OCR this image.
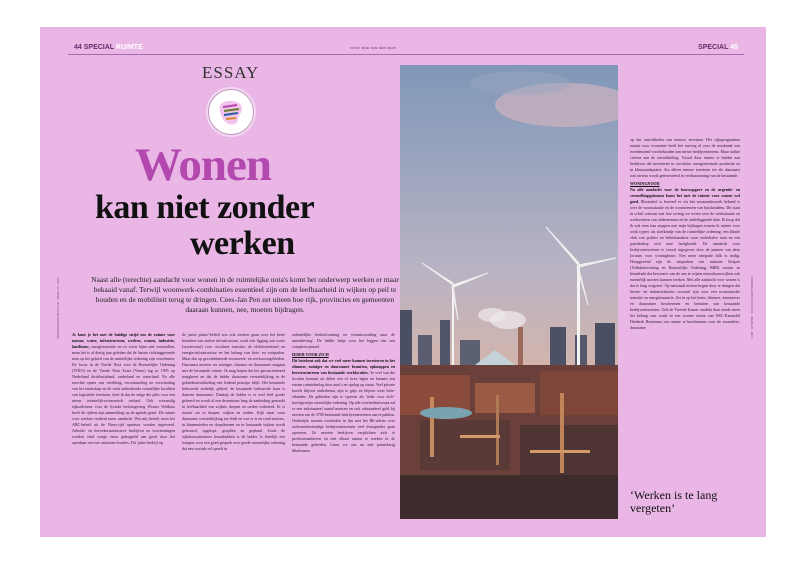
44 SPECIAL RUIMTE	FOTO: ROB VAN DER ZEEP	SPECIAL 45
BINNENLANDS BESTUUR · WEEK 26 · 2023	BINNENLANDS BESTUUR · WEEK 26 · 2023
ESSAY
Wonen
kan niet zonder
werken
Naast alle (terechte) aandacht voor wonen in de ruimtelijke nota's komt het onderwerp werken er maar bekaaid vanaf. Terwijl woonwerk-combinaties essentieel zijn om de leefbaarheid in wijken op peil te houden en de mobiliteit terug te dringen. Cees-Jan Pen zet uiteen hoe rijk, provincies en gemeenten daaraan kunnen, nee, moeten bijdragen.
Je kunt je het met de huidige strijd om de ruimte voor natuur, water, infrastructuur, werken, wonen, industrie, landbouw, energietransitie en zo voort bijna niet voorstellen, maar het is al dertig jaar geleden dat de laatste richtinggevende nota op het gebied van de ruimtelijke ordening zijn verschenen. De focus in de Vierde Nota voor de Ruimtelijke Ordening (VINO) en de Vierde Nota Extra (Vinex) lag in 1995 op Nederland distributieland, onderland en waterland. Na alle terechte opties van verdeling, verrommeling en verschraling van het landschap en de vaak onthrekende ruimtelijke kwaliteit van logistieke terreinen, leert ik dat de enige die pleit voor een nieuw ruimtelijk-economisch verhaal. Ook voormalig rijksadviseur voor de fysieke leefomgeving Wouter Veldhuis heeft dit tijdens zijn aanmelding op de agenda gezet. De ruimte voor werken verdient meer aandacht. Wat mij betreft moet het ABC-beleid uit de Vinex-tijd opnieuw worden ingevoerd. Arbeids- en bezoekersintensieve bedrijven en voorzieningen worden vind vorige eeuw gekoppeld aan goed door het openbaar vervoer ontsloten locaties. Dit 'juiste bedrijf op
de juiste plaats'-beleid zou ook moeten gaan over het beter benutten van andere infrastructuur, zoals een ligging aan water (vrachtvaart) voor circulaire transitie, de elektriciteitsnet en energie-infrastructuur en het belang van fiets- en voetpaden. Maar dus op gecombineerde woonwerk- en werkwoongebieden. Daarnaast moeten we zuiniger, slimmer en duurzamer omgaan met de bestaande ruimte. Ik mag hopen dat het geconcentreerd terugkeert en dat de ladder duurzame verstedelijking in de gebiedsontwikkeling een leidend principe blijft. Het bestaande bebouwde stedelijk gebied, de bestaande bebouwde kom is daarom duurzamer. Dankzij de ladder is er veel leed goede gekeerd en wordt al een decennium lang de aanleiding gemaakt in leefbaarheid van wijken, dorpen en steden verbeterd. Er is ruimte zat in dorpen, wijken en steden. Kijk maar waar duurzame verstedelijking toe leidt en wat er is en rond stations, in binnensteden en dorpskernen en in bestaande wijken wordt gebouwd, opgetopt, gesplitst en gepland. Zoals de rijksbouwmeesters benadrukken is de ladder 'is feitelijk een kompas voor een goed gesprek over goede ruimtelijke ordening dat een cruciale rol speelt in
ordentelijke besluitvorming en verantwoording naar de samenleving'. De ladder helpt voor het leggen van een complexe puzzel.
IEDER VOOR ZICH
Dit betekent ook dat we veel meer kunnen investeren in het slimmer, zuiniger en duurzamer benutten, opknappen en herstructureren van bestaande werklocaties. Te veel van die locaties bestaan uit delen een of twee lagen en kennen een enorm ruimtebeslag door auto's en opslag op straat. Veel private kavels blijven onderbenut, zijn te grijs en blijven weer hitte-eilanden. De gebieden zijn te typeren als 'ieder voor zich'-kavelgewijze ruimtelijke ordening. Op alle overheidsniveaus zal er een substantieel aantal mensen en ook substantieel geld bij moeten om de 3700 bestaande bedrijventerreinen aan te pakken. Ondertijds moeten overheden in lijn met het Rli-advies over toekomstbestendige bedrijventerreinen veel dwingender gaan opereren. Ze moeten bedrijven verplichten zich te professionaliseren en met elkaar samen te werken in de bestaande gebieden. Laten we ons nu niet pamiekerig blindstaren
op het ontwikkelen van nieuwe terreinen. Het rijksprogramma ruimte voor economie heeft het navoeg al over de noodzaak van tweedeurend voorbehouden aan nieuw bedrijventerrein. Maar strikte criteria aan de ontwikkeling. Vooral door ruimte te bieden aan bedrijven die investeren in circulaire, energieneutrale productie en in klimaatadaptatie. Stu alleen nieuwe terreinen toe als daarnaast ook serieus wordt geïnvesteerd in verduurzaming van de bestaande.
WONINGNOOD
Na alle aandacht voor de bouwopgave en de urgentie- en versnellingsplannen komt het met de ruimte voor wonen wel goed. Illustratief is hoeveel er via het woononderzoek bekend is over de woonsituatie en de woonwensen van huishoudens. Dit staat in schril contrast met hoe weinig we weten over de werksituatie en werkwensen van ondernemers en de onderliggende data. Ik hoop dat ik ook eens kan stoppen met mijn bijdragen waarin ik ruimte voor werk typeer als stiefkindje van de ruimtelijke ordening, een blinde vlek van politici en beleidsmakers waar onderhalve man en een paardenkop zich mee bezighoudt. De aandacht voor bedrijventerreinen is vooral ingegeven door de pennen van deze locaties voor woningbouw. Een meer integrale blik is nodig. Hoopgevend zijn de uitspraken van minister Keijzer (Volkshuisvesting en Ruimtelijke Ordening, BBB) waarin ze benadrukt dat bewoners van de aan te wijzen nieuwbouwwijken ook ruimtelijk moeten kunnen werken. Met alle aandacht voor wonen is dat te lang vergeten'. Op nationaal niveau begint door te dringen dat haven- en industriehavens cruciaal zijn voor een economische transitie en energietransitie. Zet in op het beter, slimmer, intensiever en duurzamer beschermen en benutten van bestaande bedrijventerreinen. Ook de Tweede Kamer omdekt daar steeds meer het belang van, zoals in een recente motie van NSC-Kamerlid Diederik Boomsma om ruimte te beschermen voor de zwaardere, duurzame
‘Werken is te lang vergeten’
